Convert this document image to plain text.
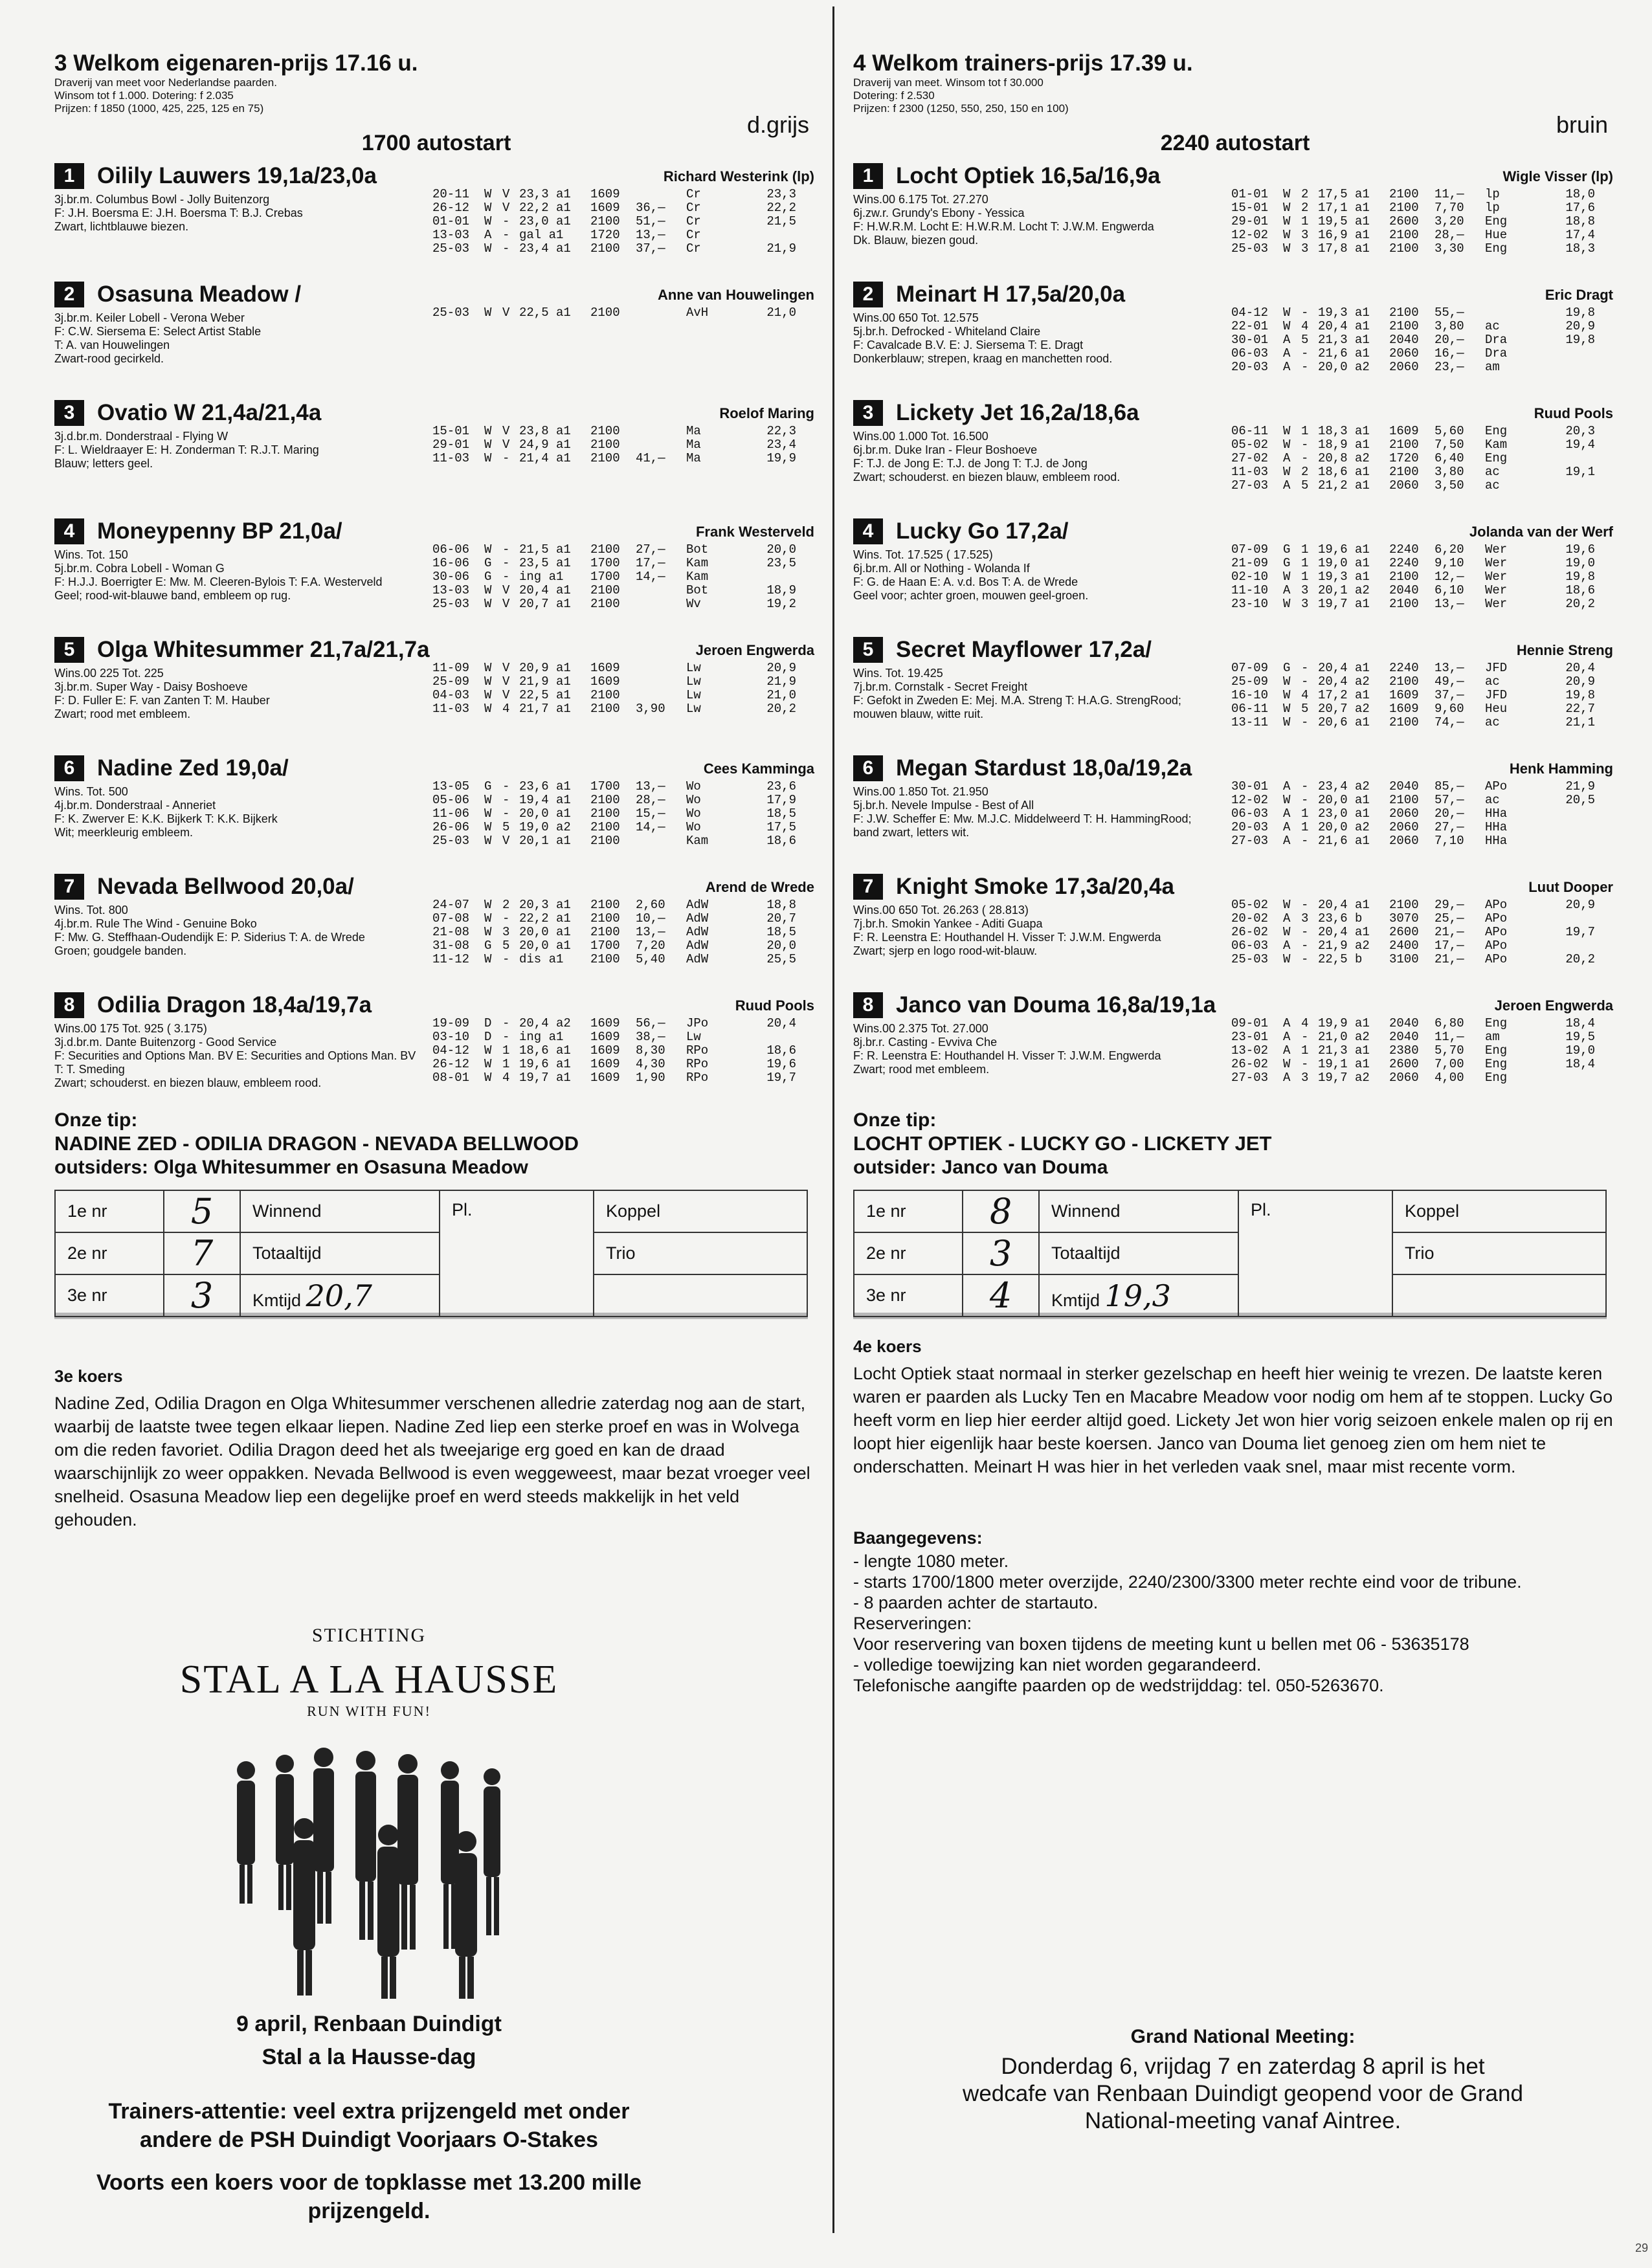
3 Welkom eigenaren-prijs 17.16 u.
Draverij van meet voor Nederlandse paarden.
Winsom tot f 1.000. Dotering: f 2.035
Prijzen: f 1850 (1000, 425, 225, 125 en 75)
d.grijs
1700 autostart
1 Oilily Lauwers 19,1a/23,0a	Richard Westerink (lp)
3j.br.m. Columbus Bowl - Jolly Buitenzorg
F: J.H. Boersma E: J.H. Boersma T: B.J. Crebas
Zwart, lichtblauwe biezen.
20-11	W V 23,3 a1	1609	Cr	23,3
26-12	W V 22,2 a1	1609	36,—	Cr	22,2
01-01	W - 23,0 a1	2100	51,—	Cr	21,5
13-03	A - gal a1	1720	13,—	Cr
25-03	W - 23,4 a1	2100	37,—	Cr	21,9
2 Osasuna Meadow /	Anne van Houwelingen
3j.br.m. Keiler Lobell - Verona Weber
F: C.W. Siersema E: Select Artist Stable
T: A. van Houwelingen
Zwart-rood gecirkeld.
25-03	W V 22,5 a1	2100	AvH	21,0
3 Ovatio W 21,4a/21,4a	Roelof Maring
3j.d.br.m. Donderstraal - Flying W
F: L. Wieldraayer E: H. Zonderman T: R.J.T. Maring
Blauw; letters geel.
15-01	W V 23,8 a1	2100	Ma	22,3
29-01	W V 24,9 a1	2100	Ma	23,4
11-03	W - 21,4 a1	2100	41,—	Ma	19,9
4 Moneypenny BP 21,0a/	Frank Westerveld
Wins. Tot. 150
5j.br.m. Cobra Lobell - Woman G
F: H.J.J. Boerrigter E: Mw. M. Cleeren-Bylois T: F.A. Westerveld
Geel; rood-wit-blauwe band, embleem op rug.
06-06	W - 21,5 a1	2100	27,—	Bot	20,0
16-06	G - 23,5 a1	1700	17,—	Kam	23,5
30-06	G - ing a1	1700	14,—	Kam
13-03	W V 20,4 a1	2100	Bot	18,9
25-03	W V 20,7 a1	2100	Wv	19,2
5 Olga Whitesummer 21,7a/21,7a	Jeroen Engwerda
Wins.00 225 Tot. 225
3j.br.m. Super Way - Daisy Boshoeve
F: D. Fuller E: F. van Zanten T: M. Hauber
Zwart; rood met embleem.
11-09	W V 20,9 a1	1609	Lw	20,9
25-09	W V 21,9 a1	1609	Lw	21,9
04-03	W V 22,5 a1	2100	Lw	21,0
11-03	W 4 21,7 a1	2100	3,90	Lw	20,2
6 Nadine Zed 19,0a/	Cees Kamminga
Wins. Tot. 500
4j.br.m. Donderstraal - Anneriet
F: K. Zwerver E: K.K. Bijkerk T: K.K. Bijkerk
Wit; meerkleurig embleem.
13-05	G - 23,6 a1	1700	13,—	Wo	23,6
05-06	W - 19,4 a1	2100	28,—	Wo	17,9
11-06	W - 20,0 a1	2100	15,—	Wo	18,5
26-06	W 5 19,0 a2	2100	14,—	Wo	17,5
25-03	W V 20,1 a1	2100	Kam	18,6
7 Nevada Bellwood 20,0a/	Arend de Wrede
Wins. Tot. 800
4j.br.m. Rule The Wind - Genuine Boko
F: Mw. G. Steffhaan-Oudendijk E: P. Siderius T: A. de Wrede
Groen; goudgele banden.
24-07	W 2 20,3 a1	2100	2,60	AdW	18,8
07-08	W - 22,2 a1	2100	10,—	AdW	20,7
21-08	W 3 20,0 a1	2100	13,—	AdW	18,5
31-08	G 5 20,0 a1	1700	7,20	AdW	20,0
11-12	W - dis a1	2100	5,40	AdW	25,5
8 Odilia Dragon 18,4a/19,7a	Ruud Pools
Wins.00 175 Tot. 925 ( 3.175)
3j.d.br.m. Dante Buitenzorg - Good Service
F: Securities and Options Man. BV E: Securities and Options Man. BV T: T. Smeding
Zwart; schouderst. en biezen blauw, embleem rood.
19-09	D - 20,4 a2	1609	56,—	JPo	20,4
03-10	D - ing a1	1609	38,—	Lw
04-12	W 1 18,6 a1	1609	8,30	RPo	18,6
26-12	W 1 19,6 a1	1609	4,30	RPo	19,6
08-01	W 4 19,7 a1	1609	1,90	RPo	19,7
Onze tip:
NADINE ZED - ODILIA DRAGON - NEVADA BELLWOOD
outsiders: Olga Whitesummer en Osasuna Meadow
1e nr	5	Winnend	Pl.	Koppel
2e nr	7	Totaaltijd		Trio
3e nr	3	Kmtijd 20,7		
3e koers
Nadine Zed, Odilia Dragon en Olga Whitesummer verschenen alledrie zaterdag nog aan de start, waarbij de laatste twee tegen elkaar liepen. Nadine Zed liep een sterke proef en was in Wolvega om die reden favoriet. Odilia Dragon deed het als tweejarige erg goed en kan de draad waarschijnlijk zo weer oppakken. Nevada Bellwood is even weggeweest, maar bezat vroeger veel snelheid. Osasuna Meadow liep een degelijke proef en werd steeds makkelijk in het veld gehouden.
STICHTING
STAL A LA HAUSSE
RUN WITH FUN!
9 april, Renbaan Duindigt
Stal a la Hausse-dag
Trainers-attentie: veel extra prijzengeld met onder andere de PSH Duindigt Voorjaars O-Stakes
Voorts een koers voor de topklasse met 13.200 mille prijzengeld.
4 Welkom trainers-prijs 17.39 u.
Draverij van meet. Winsom tot f 30.000
Dotering: f 2.530
Prijzen: f 2300 (1250, 550, 250, 150 en 100)
bruin
2240 autostart
1 Locht Optiek 16,5a/16,9a	Wigle Visser (lp)
Wins.00 6.175 Tot. 27.270
6j.zw.r. Grundy's Ebony - Yessica
F: H.W.R.M. Locht E: H.W.R.M. Locht T: J.W.M. Engwerda
Dk. Blauw, biezen goud.
01-01	W 2 17,5 a1	2100	11,—	lp	18,0
15-01	W 2 17,1 a1	2100	7,70	lp	17,6
29-01	W 1 19,5 a1	2600	3,20	Eng	18,8
12-02	W 3 16,9 a1	2100	28,—	Hue	17,4
25-03	W 3 17,8 a1	2100	3,30	Eng	18,3
2 Meinart H 17,5a/20,0a	Eric Dragt
Wins.00 650 Tot. 12.575
5j.br.h. Defrocked - Whiteland Claire
F: Cavalcade B.V. E: J. Siersema T: E. Dragt
Donkerblauw; strepen, kraag en manchetten rood.
04-12	W - 19,3 a1	2100	55,—	19,8
22-01	W 4 20,4 a1	2100	3,80	ac	20,9
30-01	A 5 21,3 a1	2040	20,—	Dra	19,8
06-03	A - 21,6 a1	2060	16,—	Dra
20-03	A - 20,0 a2	2060	23,—	am
3 Lickety Jet 16,2a/18,6a	Ruud Pools
Wins.00 1.000 Tot. 16.500
6j.br.m. Duke Iran - Fleur Boshoeve
F: T.J. de Jong E: T.J. de Jong T: T.J. de Jong
Zwart; schouderst. en biezen blauw, embleem rood.
06-11	W 1 18,3 a1	1609	5,60	Eng	20,3
05-02	W - 18,9 a1	2100	7,50	Kam	19,4
27-02	A - 20,8 a2	1720	6,40	Eng
11-03	W 2 18,6 a1	2100	3,80	ac	19,1
27-03	A 5 21,2 a1	2060	3,50	ac
4 Lucky Go 17,2a/	Jolanda van der Werf
Wins. Tot. 17.525 ( 17.525)
6j.br.m. All or Nothing - Wolanda If
F: G. de Haan E: A. v.d. Bos T: A. de Wrede
Geel voor; achter groen, mouwen geel-groen.
07-09	G 1 19,6 a1	2240	6,20	Wer	19,6
21-09	G 1 19,0 a1	2240	9,10	Wer	19,0
02-10	W 1 19,3 a1	2100	12,—	Wer	19,8
11-10	A 3 20,1 a2	2040	6,10	Wer	18,6
23-10	W 3 19,7 a1	2100	13,—	Wer	20,2
5 Secret Mayflower 17,2a/	Hennie Streng
Wins. Tot. 19.425
7j.br.m. Cornstalk - Secret Freight
F: Gefokt in Zweden E: Mej. M.A. Streng T: H.A.G. StrengRood; mouwen blauw, witte ruit.
07-09	G - 20,4 a1	2240	13,—	JFD	20,4
25-09	W - 20,4 a2	2100	49,—	ac	20,9
16-10	W 4 17,2 a1	1609	37,—	JFD	19,8
06-11	W 5 20,7 a2	1609	9,60	Heu	22,7
13-11	W - 20,6 a1	2100	74,—	ac	21,1
6 Megan Stardust 18,0a/19,2a	Henk Hamming
Wins.00 1.850 Tot. 21.950
5j.br.h. Nevele Impulse - Best of All
F: J.W. Scheffer E: Mw. M.J.C. Middelweerd T: H. HammingRood; band zwart, letters wit.
30-01	A - 23,4 a2	2040	85,—	APo	21,9
12-02	W - 20,0 a1	2100	57,—	ac	20,5
06-03	A 1 23,0 a1	2060	20,—	HHa
20-03	A 1 20,0 a2	2060	27,—	HHa
27-03	A - 21,6 a1	2060	7,10	HHa
7 Knight Smoke 17,3a/20,4a	Luut Dooper
Wins.00 650 Tot. 26.263 ( 28.813)
7j.br.h. Smokin Yankee - Aditi Guapa
F: R. Leenstra E: Houthandel H. Visser T: J.W.M. Engwerda
Zwart; sjerp en logo rood-wit-blauw.
05-02	W - 20,4 a1	2100	29,—	APo	20,9
20-02	A 3 23,6 b	3070	25,—	APo
26-02	W - 20,4 a1	2600	21,—	APo	19,7
06-03	A - 21,9 a2	2400	17,—	APo
25-03	W - 22,5 b	3100	21,—	APo	20,2
8 Janco van Douma 16,8a/19,1a	Jeroen Engwerda
Wins.00 2.375 Tot. 27.000
8j.br.r. Casting - Evviva Che
F: R. Leenstra E: Houthandel H. Visser T: J.W.M. Engwerda
Zwart; rood met embleem.
09-01	A 4 19,9 a1	2040	6,80	Eng	18,4
23-01	A - 21,0 a2	2040	11,—	am	19,5
13-02	A 1 21,3 a1	2380	5,70	Eng	19,0
26-02	W - 19,1 a1	2600	7,00	Eng	18,4
27-03	A 3 19,7 a2	2060	4,00	Eng
Onze tip:
LOCHT OPTIEK - LUCKY GO - LICKETY JET
outsider: Janco van Douma
1e nr	8	Winnend	Pl.	Koppel
2e nr	3	Totaaltijd		Trio
3e nr	4	Kmtijd 19,3		
4e koers
Locht Optiek staat normaal in sterker gezelschap en heeft hier weinig te vrezen. De laatste keren waren er paarden als Lucky Ten en Macabre Meadow voor nodig om hem af te stoppen. Lucky Go heeft vorm en liep hier eerder altijd goed. Lickety Jet won hier vorig seizoen enkele malen op rij en loopt hier eigenlijk haar beste koersen. Janco van Douma liet genoeg zien om hem niet te onderschatten. Meinart H was hier in het verleden vaak snel, maar mist recente vorm.
Baangegevens:
- lengte 1080 meter.
- starts 1700/1800 meter overzijde, 2240/2300/3300 meter rechte eind voor de tribune.
- 8 paarden achter de startauto.
Reserveringen:
Voor reservering van boxen tijdens de meeting kunt u bellen met 06 - 53635178
- volledige toewijzing kan niet worden gegarandeerd.
Telefonische aangifte paarden op de wedstrijddag: tel. 050-5263670.
Grand National Meeting:

Donderdag 6, vrijdag 7 en zaterdag 8 april is het wedcafe van Renbaan Duindigt geopend voor de Grand National-meeting vanaf Aintree.

29
